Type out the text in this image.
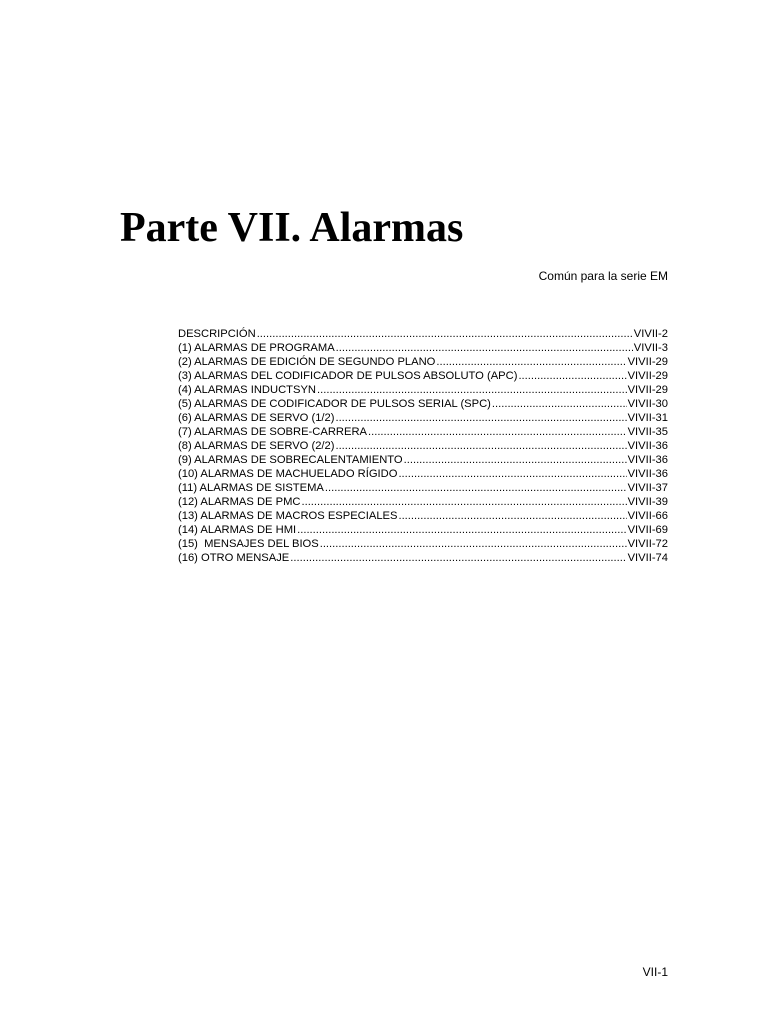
Parte VII. Alarmas
Común para la serie EM
DESCRIPCIÓN .....	VIVII-2
(1) ALARMAS DE PROGRAMA .....	VIVII-3
(2) ALARMAS DE EDICIÓN DE SEGUNDO PLANO .....	VIVII-29
(3) ALARMAS DEL CODIFICADOR DE PULSOS ABSOLUTO (APC) .....	VIVII-29
(4) ALARMAS INDUCTSYN .....	VIVII-29
(5) ALARMAS DE CODIFICADOR DE PULSOS SERIAL (SPC) .....	VIVII-30
(6) ALARMAS DE SERVO (1/2) .....	VIVII-31
(7) ALARMAS DE SOBRE-CARRERA .....	VIVII-35
(8) ALARMAS DE SERVO (2/2) .....	VIVII-36
(9) ALARMAS DE SOBRECALENTAMIENTO .....	VIVII-36
(10) ALARMAS DE MACHUELADO RÍGIDO .....	VIVII-36
(11) ALARMAS DE SISTEMA .....	VIVII-37
(12) ALARMAS DE PMC .....	VIVII-39
(13) ALARMAS DE MACROS ESPECIALES .....	VIVII-66
(14) ALARMAS DE HMI .....	VIVII-69
(15)  MENSAJES DEL BIOS .....	VIVII-72
(16) OTRO MENSAJE .....	VIVII-74
VII-1
